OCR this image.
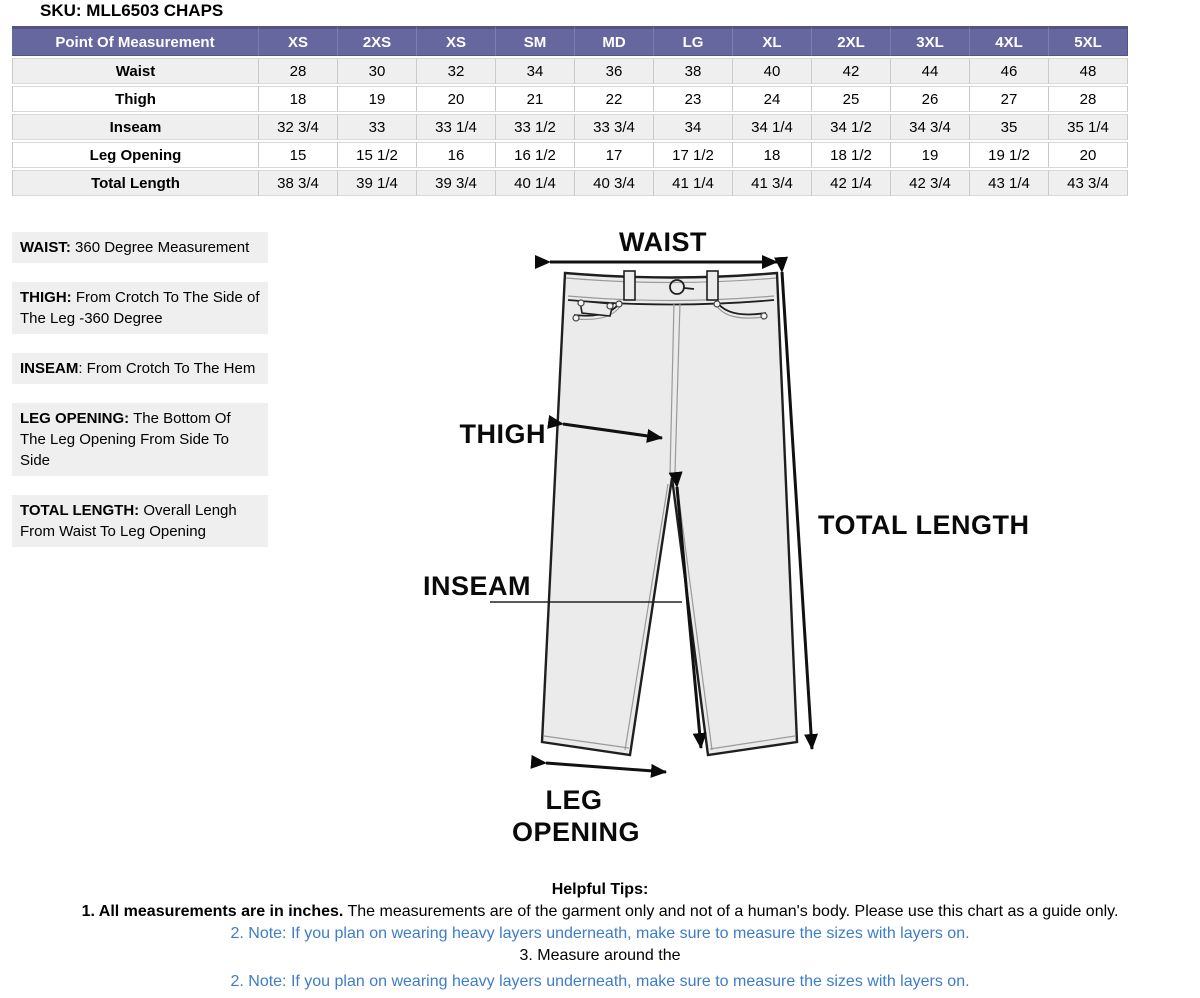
SKU: MLL6503 CHAPS
Point Of Measurement	XS	2XS	XS	SM	MD	LG	XL	2XL	3XL	4XL	5XL
Waist	28	30	32	34	36	38	40	42	44	46	48
Thigh	18	19	20	21	22	23	24	25	26	27	28
Inseam	32 3/4	33	33 1/4	33 1/2	33 3/4	34	34 1/4	34 1/2	34 3/4	35	35 1/4
Leg Opening	15	15 1/2	16	16 1/2	17	17 1/2	18	18 1/2	19	19 1/2	20
Total Length	38 3/4	39 1/4	39 3/4	40 1/4	40 3/4	41 1/4	41 3/4	42 1/4	42 3/4	43 1/4	43 3/4
WAIST: 360 Degree Measurement
THIGH: From Crotch To The Side of The Leg -360 Degree
INSEAM: From Crotch To The Hem
LEG OPENING: The Bottom Of The Leg Opening From Side To Side
TOTAL LENGTH: Overall Lengh From Waist To Leg Opening
WAIST
THIGH
INSEAM
TOTAL LENGTH
LEG
OPENING
Helpful Tips:
1. All measurements are in inches. The measurements are of the garment only and not of a human's body. Please use this chart as a guide only.
2. Note: If you plan on wearing heavy layers underneath, make sure to measure the sizes with layers on.
3. Measure around the
2. Note: If you plan on wearing heavy layers underneath, make sure to measure the sizes with layers on.
